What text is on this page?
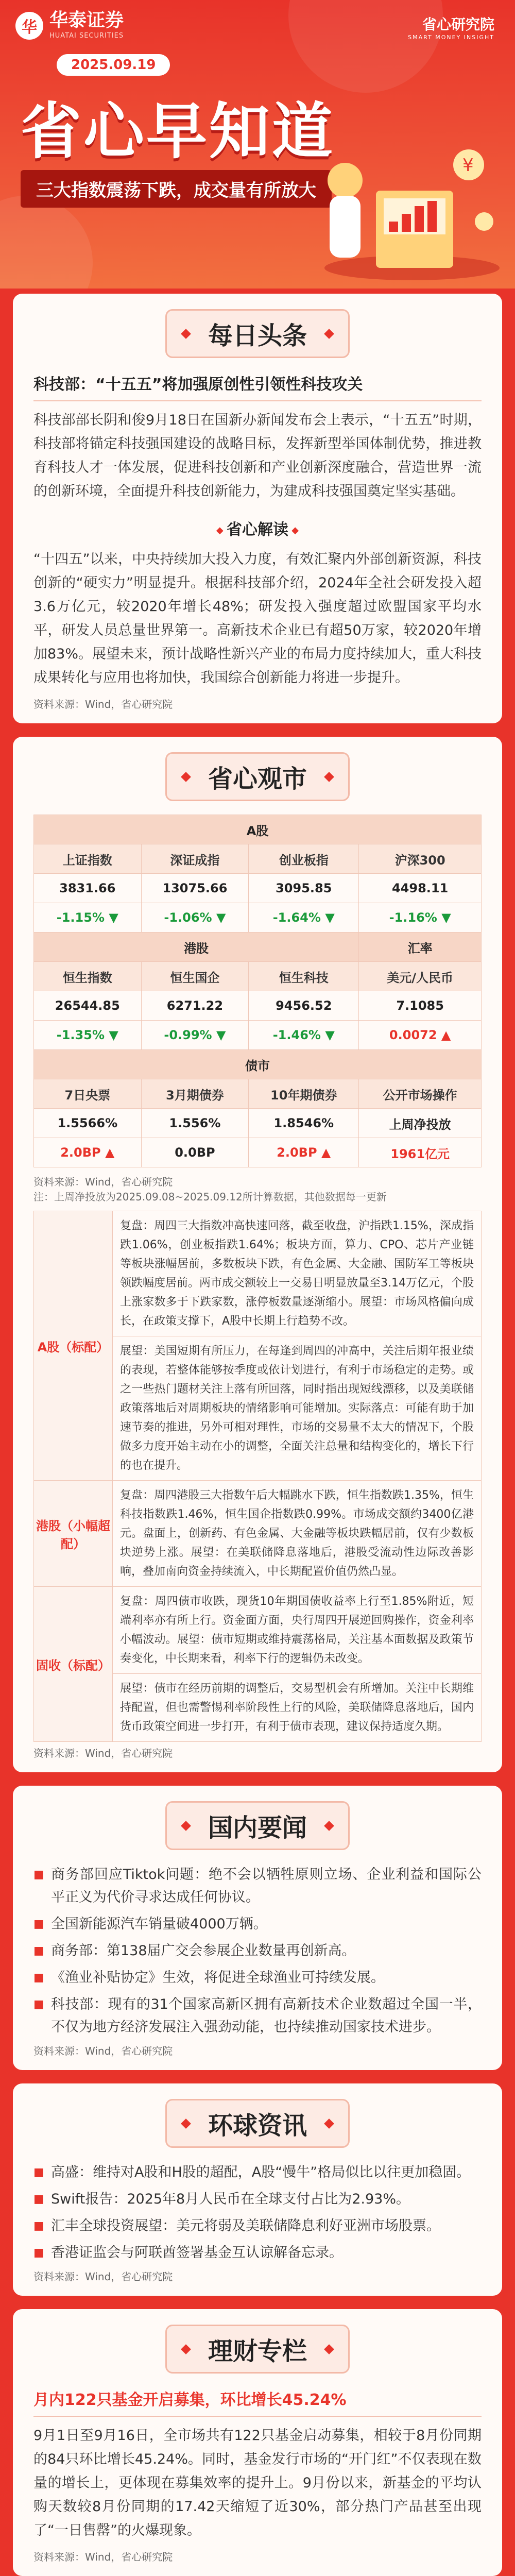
华 华泰证券
HUATAI SECURITIES
省心研究院
SMART MONEY INSIGHT
2025.09.19
省心早知道
三大指数震荡下跌，成交量有所放大
¥
每日头条
科技部：“十五五”将加强原创性引领性科技攻关

科技部部长阴和俊9月18日在国新办新闻发布会上表示，“十五五”时期，科技部将锚定科技强国建设的战略目标，发挥新型举国体制优势，推进教育科技人才一体发展，促进科技创新和产业创新深度融合，营造世界一流的创新环境，全面提升科技创新能力，为建成科技强国奠定坚实基础。

◆ 省心解读 ◆

“十四五”以来，中央持续加大投入力度，有效汇聚内外部创新资源，科技创新的“硬实力”明显提升。根据科技部介绍，2024年全社会研发投入超3.6万亿元，较2020年增长48%；研发投入强度超过欧盟国家平均水平，研发人员总量世界第一。高新技术企业已有超50万家，较2020年增加83%。展望未来，预计战略性新兴产业的布局力度持续加大，重大科技成果转化与应用也将加快，我国综合创新能力将进一步提升。

资料来源：Wind，省心研究院
省心观市
A股			
上证指数	深证成指	创业板指	沪深300
3831.66	13075.66	3095.85	4498.11
-1.15% ▼	-1.06% ▼	-1.64% ▼	-1.16% ▼
港股			汇率
恒生指数	恒生国企	恒生科技	美元/人民币
26544.85	6271.22	9456.52	7.1085
-1.35% ▼	-0.99% ▼	-1.46% ▼	0.0072 ▲
债市			
7日央票	3月期债券	10年期债券	公开市场操作
1.5566%	1.556%	1.8546%	上周净投放
2.0BP ▲	0.0BP	2.0BP ▲	1961亿元
资料来源：Wind，省心研究院
注：上周净投放为2025.09.08~2025.09.12所计算数据，其他数据每一更新
A股（标配）	复盘：周四三大指数冲高快速回落，截至收盘，沪指跌1.15%，深成指跌1.06%，创业板指跌1.64%；板块方面，算力、CPO、芯片产业链等板块涨幅居前，多数板块下跌，有色金属、大金融、国防军工等板块领跌幅度居前。两市成交额较上一交易日明显放量至3.14万亿元，个股上涨家数多于下跌家数，涨停板数量逐渐缩小。展望：市场风格偏向成长，在政策支撑下，A股中长期上行趋势不改。
	展望：美国短期有所压力，在每逢到周四的冲高中，关注后期年报业绩的表现，若整体能够按季度或依计划进行，有利于市场稳定的走势。或之一些热门题材关注上落有所回落，同时指出现短线漂移，以及美联储政策落地后对周期板块的情绪影响可能增加。实际落点：可能有助于加速节奏的推进，另外可相对理性，市场的交易量不太大的情况下，个股做多力度开始主动在小的调整，全面关注总量和结构变化的，增长下行的也在提升。
港股（小幅超配）	复盘：周四港股三大指数午后大幅跳水下跌，恒生指数跌1.35%，恒生科技指数跌1.46%，恒生国企指数跌0.99%。市场成交额约3400亿港元。盘面上，创新药、有色金属、大金融等板块跌幅居前，仅有少数板块逆势上涨。展望：在美联储降息落地后，港股受流动性边际改善影响，叠加南向资金持续流入，中长期配置价值仍然凸显。
固收（标配）	复盘：周四债市收跌，现货10年期国债收益率上行至1.85%附近，短端利率亦有所上行。资金面方面，央行周四开展逆回购操作，资金利率小幅波动。展望：债市短期或维持震荡格局，关注基本面数据及政策节奏变化，中长期来看，利率下行的逻辑仍未改变。
	展望：债市在经历前期的调整后，交易型机会有所增加。关注中长期维持配置，但也需警惕利率阶段性上行的风险，美联储降息落地后，国内货币政策空间进一步打开，有利于债市表现，建议保持适度久期。
资料来源：Wind，省心研究院
国内要闻

■ 商务部回应Tiktok问题：绝不会以牺牲原则立场、企业利益和国际公平正义为代价寻求达成任何协议。

■ 全国新能源汽车销量破4000万辆。

■ 商务部：第138届广交会参展企业数量再创新高。

■ 《渔业补贴协定》生效，将促进全球渔业可持续发展。

■ 科技部：现有的31个国家高新区拥有高新技术企业数超过全国一半，不仅为地方经济发展注入强劲动能，也持续推动国家技术进步。

资料来源：Wind，省心研究院
环球资讯

■ 高盛：维持对A股和H股的超配，A股“慢牛”格局似比以往更加稳固。

■ Swift报告：2025年8月人民币在全球支付占比为2.93%。

■ 汇丰全球投资展望：美元将弱及美联储降息利好亚洲市场股票。

■ 香港证监会与阿联酋签署基金互认谅解备忘录。

资料来源：Wind，省心研究院
理财专栏
月内122只基金开启募集，环比增长45.24%

9月1日至9月16日，全市场共有122只基金启动募集，相较于8月份同期的84只环比增长45.24%。同时，基金发行市场的“开门红”不仅表现在数量的增长上，更体现在募集效率的提升上。9月份以来，新基金的平均认购天数较8月份同期的17.42天缩短了近30%，部分热门产品甚至出现了“一日售罄”的火爆现象。

资料来源：Wind，省心研究院
